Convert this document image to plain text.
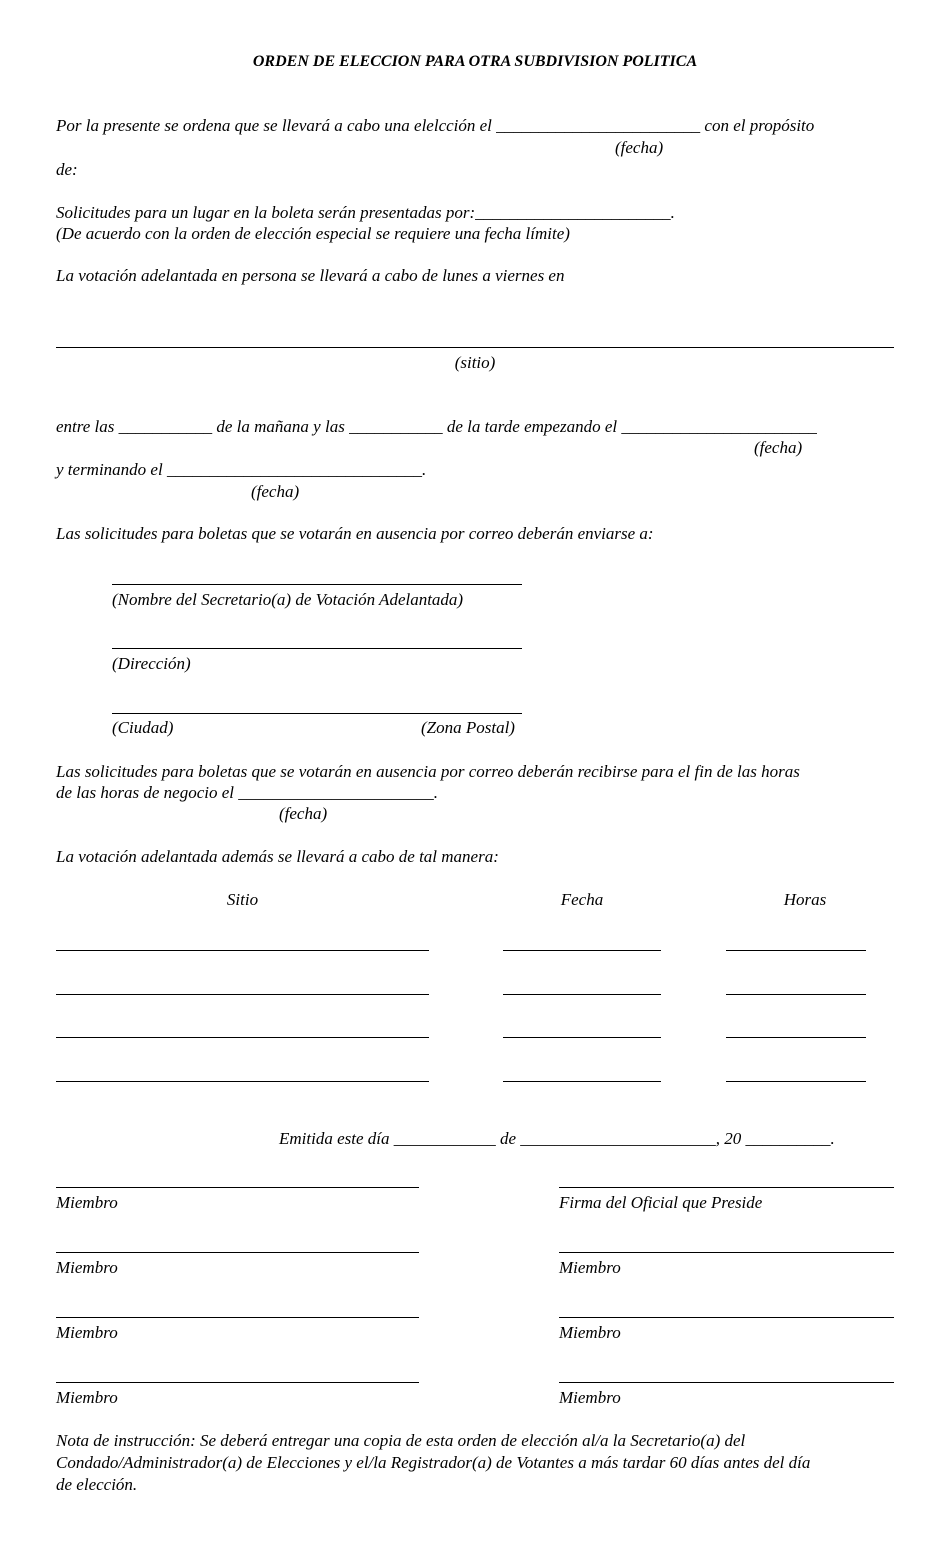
ORDEN DE ELECCION PARA OTRA SUBDIVISION POLITICA
Por la presente se ordena que se llevará a cabo una elelcción el ________________________ con el propósito
(fecha)
de:
Solicitudes para un lugar en la boleta serán presentadas por:_______________________.
(De acuerdo con la orden de elección especial se requiere una fecha límite)
La votación adelantada en persona se llevará a cabo de lunes a viernes en
(sitio)
entre las ___________ de la mañana y las ___________ de la tarde empezando el _______________________
(fecha)
y terminando el ______________________________.
(fecha)
Las solicitudes para boletas que se votarán en ausencia por correo deberán enviarse a:
(Nombre del Secretario(a) de Votación Adelantada)
(Dirección)
(Ciudad)	(Zona Postal)
Las solicitudes para boletas que se votarán en ausencia por correo deberán recibirse para el fin de las horas
de las horas de negocio el _______________________.
(fecha)
La votación adelantada además se llevará a cabo de tal manera:
Sitio	Fecha	Horas
Emitida este día ____________ de _______________________, 20 __________.
Miembro	Firma del Oficial que Preside
Miembro	Miembro
Miembro	Miembro
Miembro	Miembro
Nota de instrucción: Se deberá entregar una copia de esta orden de elección al/a la Secretario(a) del
Condado/Administrador(a) de Elecciones y el/la Registrador(a) de Votantes a más tardar 60 días antes del día
de elección.
